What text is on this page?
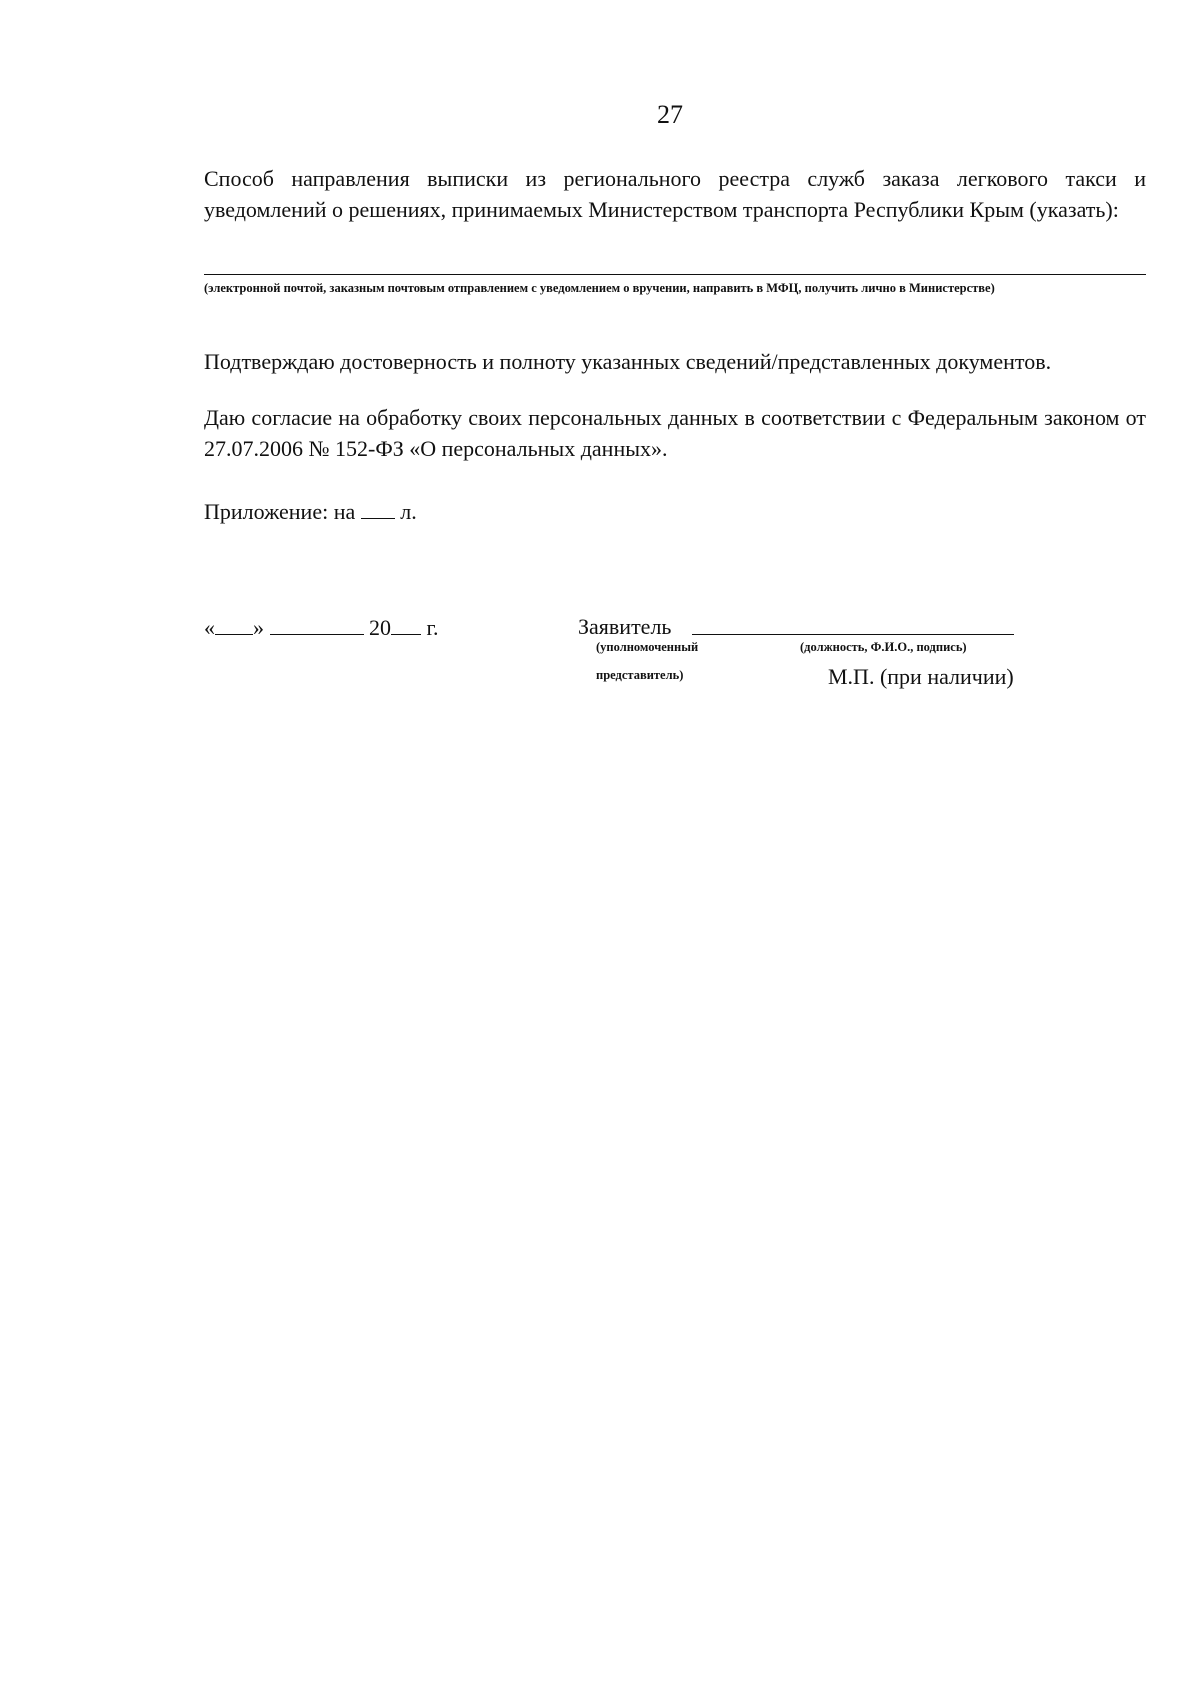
27

Способ направления выписки из регионального реестра служб заказа легкового такси и уведомлений о решениях, принимаемых Министерством транспорта Республики Крым (указать):

(электронной почтой, заказным почтовым отправлением с уведомлением о вручении, направить в МФЦ, получить лично в Министерстве)

Подтверждаю достоверность и полноту указанных сведений/представленных документов.

Даю согласие на обработку своих персональных данных в соответствии с Федеральным законом от 27.07.2006 № 152-ФЗ «О персональных данных».

Приложение: на л.

« »	20 г.	Заявитель
(уполномоченный
представитель)
(должность, Ф.И.О., подпись)
М.П. (при наличии)
